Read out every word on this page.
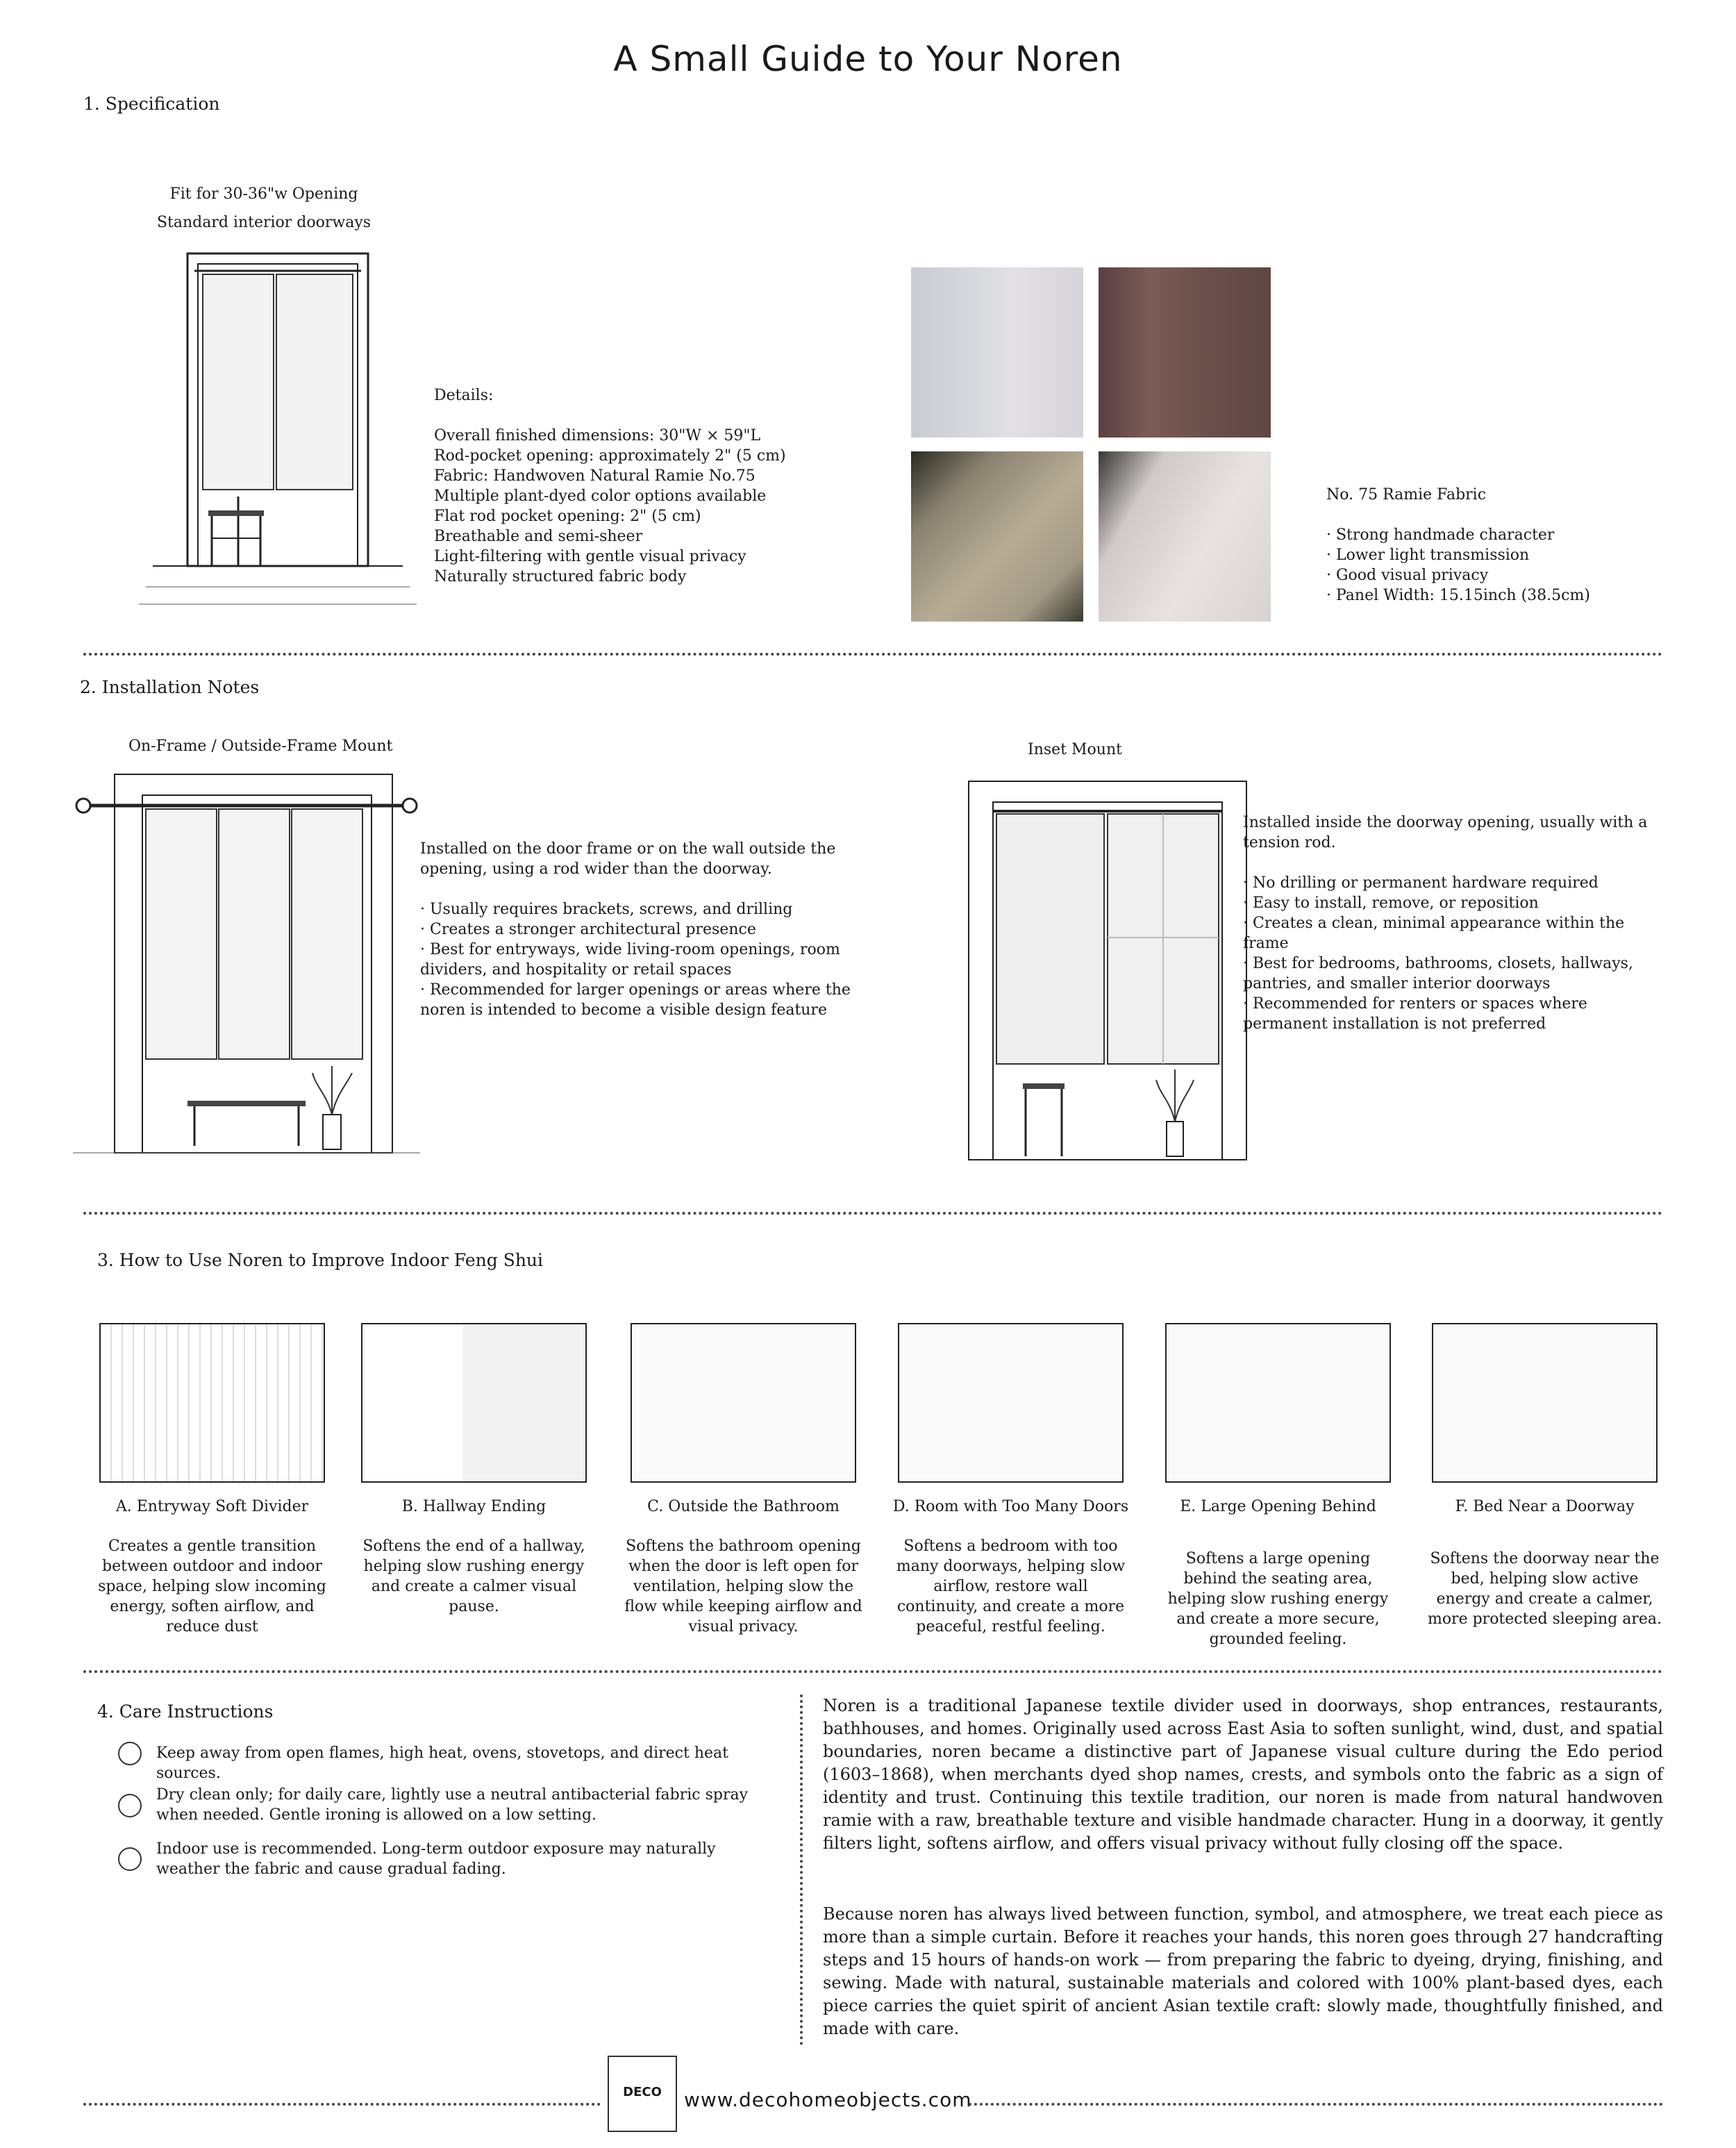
A Small Guide to Your Noren
1. Specification
Fit for 30-36"w Opening
Standard interior doorways
Details:
Overall finished dimensions: 30"W × 59"L
Rod-pocket opening: approximately 2" (5 cm)
Fabric: Handwoven Natural Ramie No.75
Multiple plant-dyed color options available
Flat rod pocket opening: 2" (5 cm)
Breathable and semi-sheer
Light-filtering with gentle visual privacy
Naturally structured fabric body
No. 75 Ramie Fabric
· Strong handmade character
· Lower light transmission
· Good visual privacy
· Panel Width: 15.15inch (38.5cm)
2. Installation Notes
On-Frame / Outside-Frame Mount
Installed on the door frame or on the wall outside the
opening, using a rod wider than the doorway.
· Usually requires brackets, screws, and drilling
· Creates a stronger architectural presence
· Best for entryways, wide living-room openings, room
dividers, and hospitality or retail spaces
· Recommended for larger openings or areas where the
noren is intended to become a visible design feature
Inset Mount
Installed inside the doorway opening, usually with a
tension rod.
· No drilling or permanent hardware required
· Easy to install, remove, or reposition
· Creates a clean, minimal appearance within the
frame
· Best for bedrooms, bathrooms, closets, hallways,
pantries, and smaller interior doorways
· Recommended for renters or spaces where
permanent installation is not preferred
3. How to Use Noren to Improve Indoor Feng Shui
A. Entryway Soft Divider
Creates a gentle transition between outdoor and indoor space, helping slow incoming energy, soften airflow, and reduce dust
B. Hallway Ending
Softens the end of a hallway, helping slow rushing energy and create a calmer visual pause.
C. Outside the Bathroom
Softens the bathroom opening when the door is left open for ventilation, helping slow the flow while keeping airflow and visual privacy.
D. Room with Too Many Doors
Softens a bedroom with too many doorways, helping slow airflow, restore wall continuity, and create a more peaceful, restful feeling.
E. Large Opening Behind
Softens a large opening behind the seating area, helping slow rushing energy and create a more secure, grounded feeling.
F. Bed Near a Doorway
Softens the doorway near the bed, helping slow active energy and create a calmer, more protected sleeping area.
4. Care Instructions
Keep away from open flames, high heat, ovens, stovetops, and direct heat sources.
Dry clean only; for daily care, lightly use a neutral antibacterial fabric spray when needed. Gentle ironing is allowed on a low setting.
Indoor use is recommended. Long-term outdoor exposure may naturally weather the fabric and cause gradual fading.
Noren is a traditional Japanese textile divider used in doorways, shop entrances, restaurants, bathhouses, and homes. Originally used across East Asia to soften sunlight, wind, dust, and spatial boundaries, noren became a distinctive part of Japanese visual culture during the Edo period (1603–1868), when merchants dyed shop names, crests, and symbols onto the fabric as a sign of identity and trust. Continuing this textile tradition, our noren is made from natural handwoven ramie with a raw, breathable texture and visible handmade character. Hung in a doorway, it gently filters light, softens airflow, and offers visual privacy without fully closing off the space.
Because noren has always lived between function, symbol, and atmosphere, we treat each piece as more than a simple curtain. Before it reaches your hands, this noren goes through 27 handcrafting steps and 15 hours of hands-on work — from preparing the fabric to dyeing, drying, finishing, and sewing. Made with natural, sustainable materials and colored with 100% plant-based dyes, each piece carries the quiet spirit of ancient Asian textile craft: slowly made, thoughtfully finished, and made with care.
DECO	www.decohomeobjects.com
